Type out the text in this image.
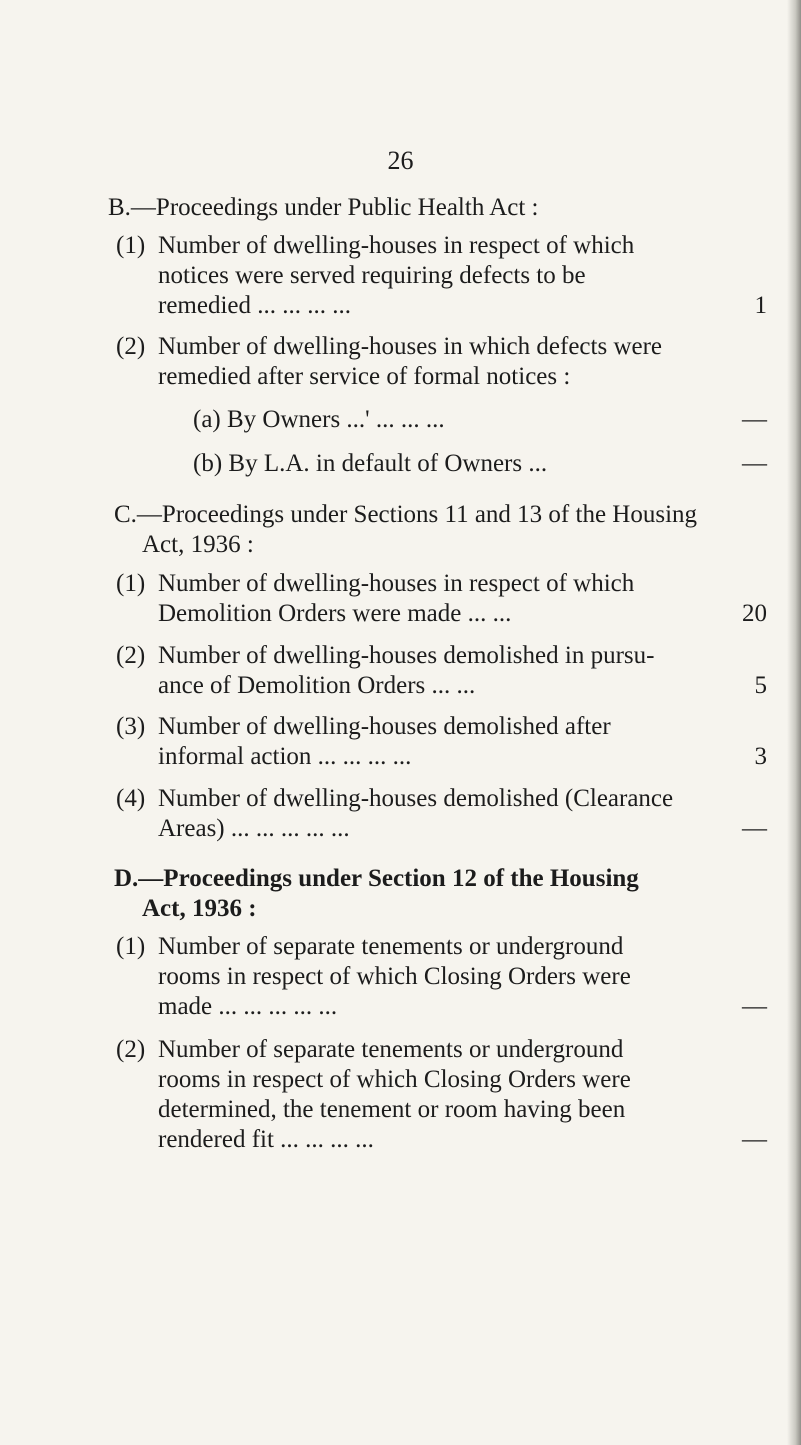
26
B.—Proceedings under Public Health Act :
(1) Number of dwelling-houses in respect of which
notices were served requiring defects to be
remedied ... ... ... ...	1
(2) Number of dwelling-houses in which defects were
remedied after service of formal notices :
(a) By Owners ...' ... ... ...	—
(b) By L.A. in default of Owners ...	—
C.—Proceedings under Sections 11 and 13 of the Housing
Act, 1936 :
(1) Number of dwelling-houses in respect of which
Demolition Orders were made ... ...	20
(2) Number of dwelling-houses demolished in pursu-
ance of Demolition Orders ... ...	5
(3) Number of dwelling-houses demolished after
informal action ... ... ... ...	3
(4) Number of dwelling-houses demolished (Clearance
Areas) ... ... ... ... ...	—
D.—Proceedings under Section 12 of the Housing
Act, 1936 :
(1) Number of separate tenements or underground
rooms in respect of which Closing Orders were
made ... ... ... ... ...	—
(2) Number of separate tenements or underground
rooms in respect of which Closing Orders were
determined, the tenement or room having been
rendered fit ... ... ... ...	—
